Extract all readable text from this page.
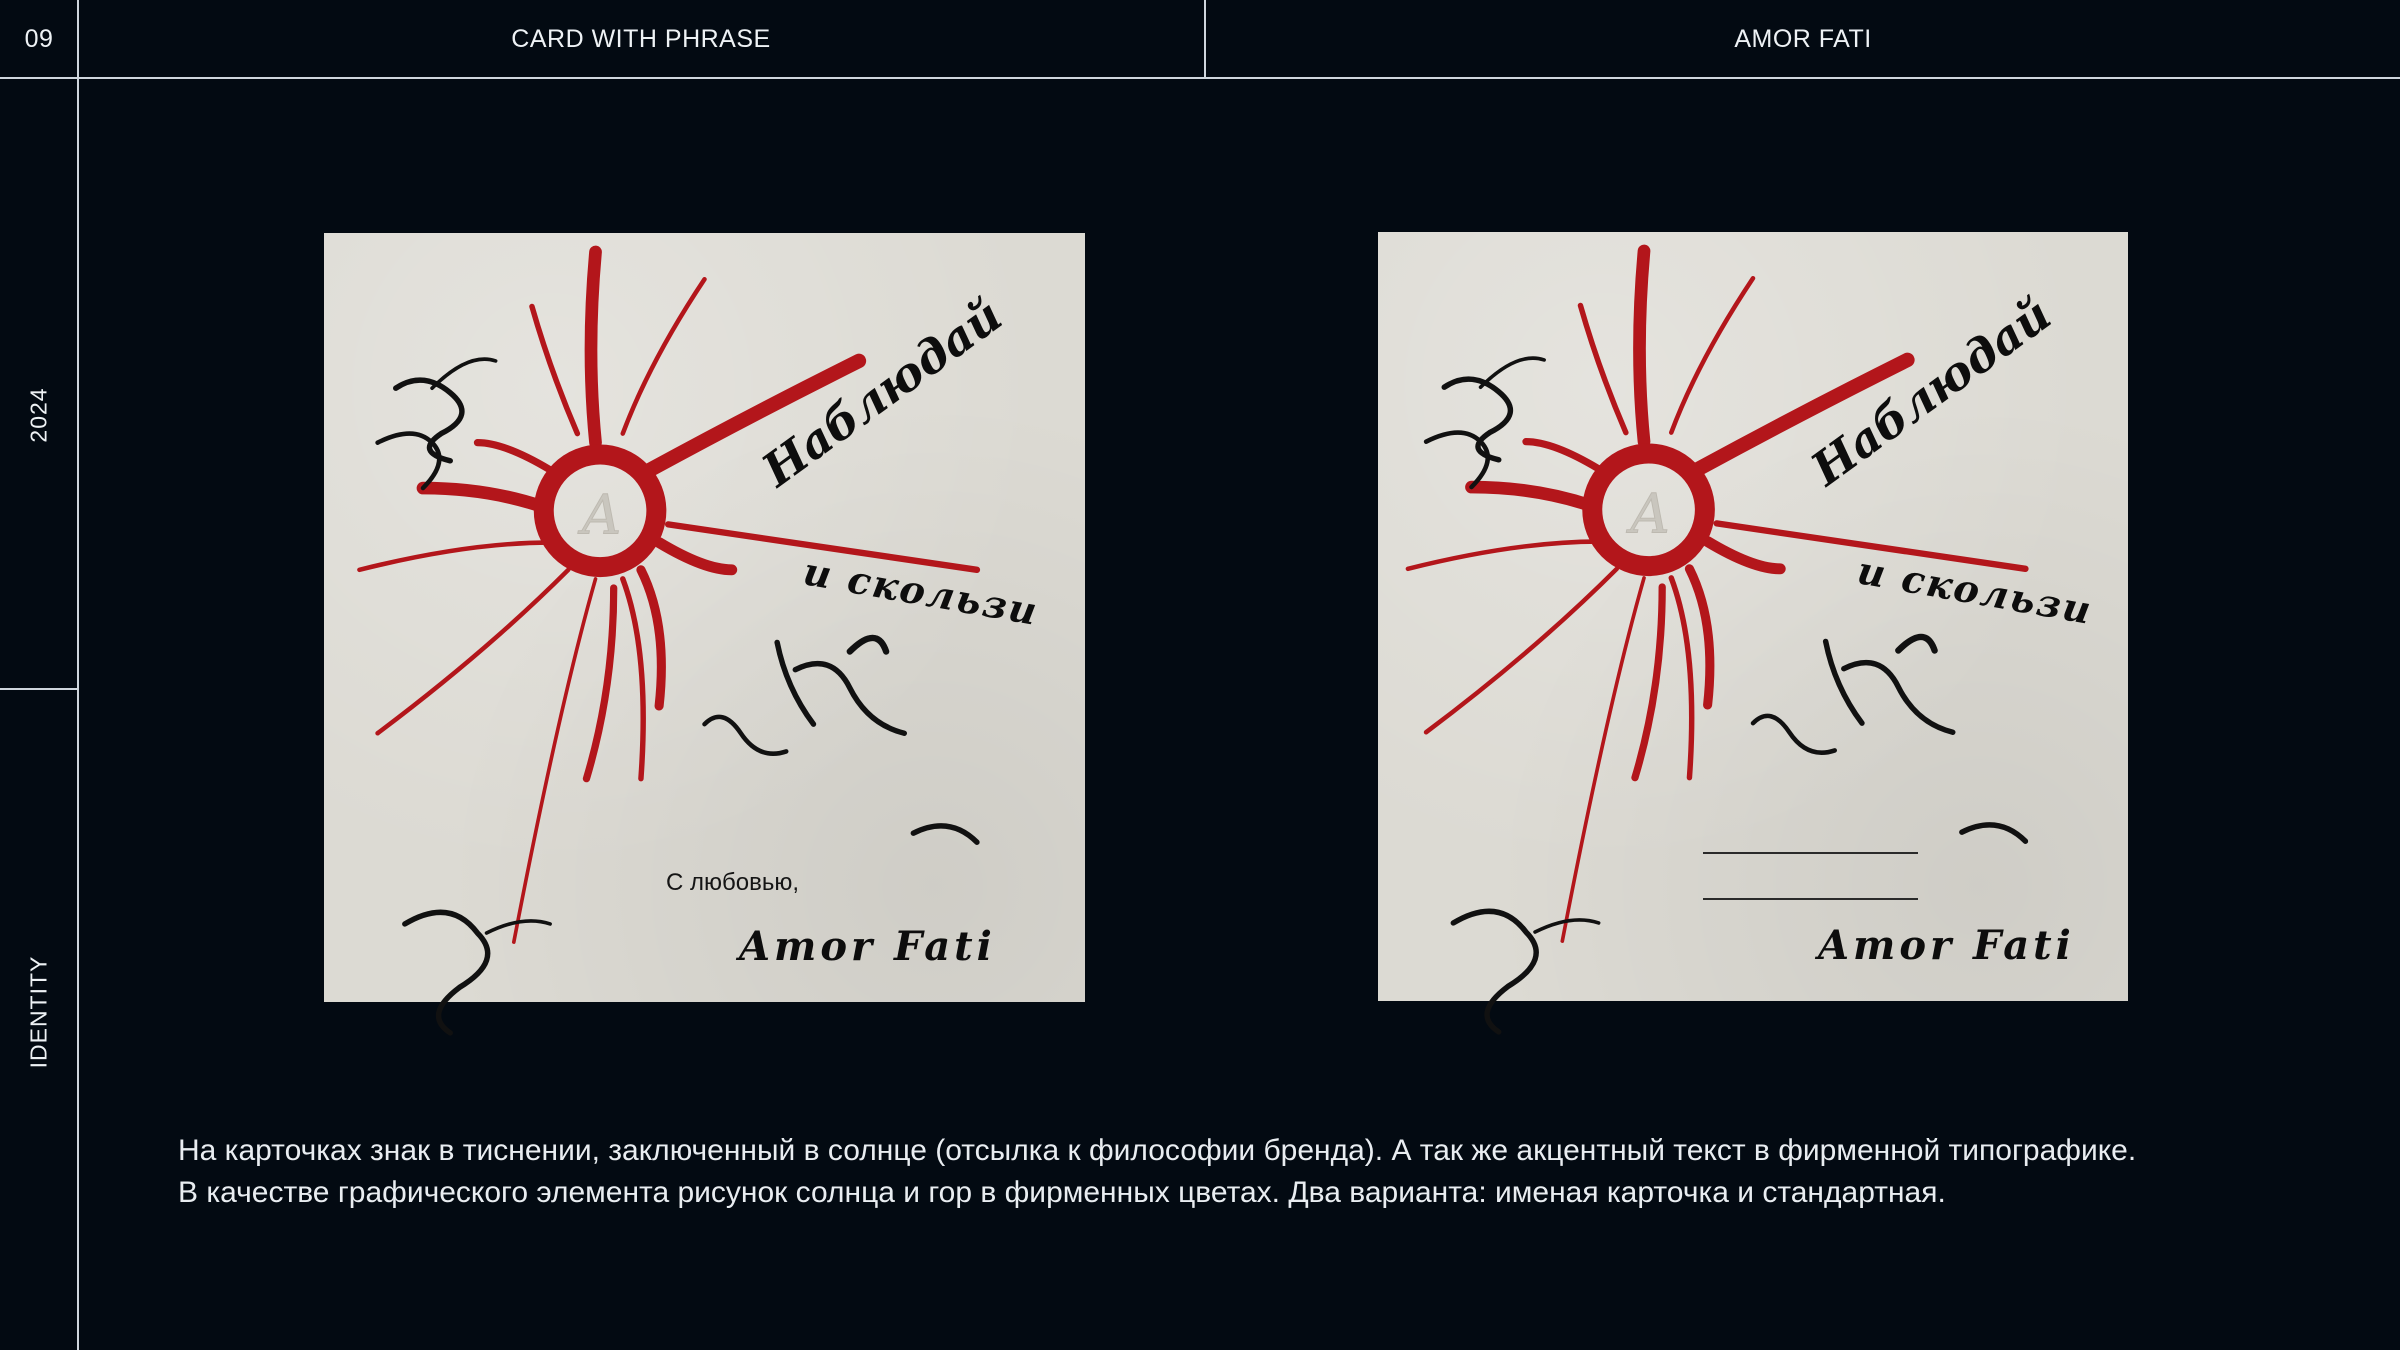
09	CARD WITH PHRASE	AMOR FATI
2024
IDENTITY
A
Наблюдай
и скользи
С любовью,
Amor Fati
A
Наблюдай
и скользи
Amor Fati

На карточках знак в тиснении, заключенный в солнце (отсылка к философии бренда). А так же акцентный текст в фирменной типографике.

В качестве графического элемента рисунок солнца и гор в фирменных цветах. Два варианта: именая карточка и стандартная.
